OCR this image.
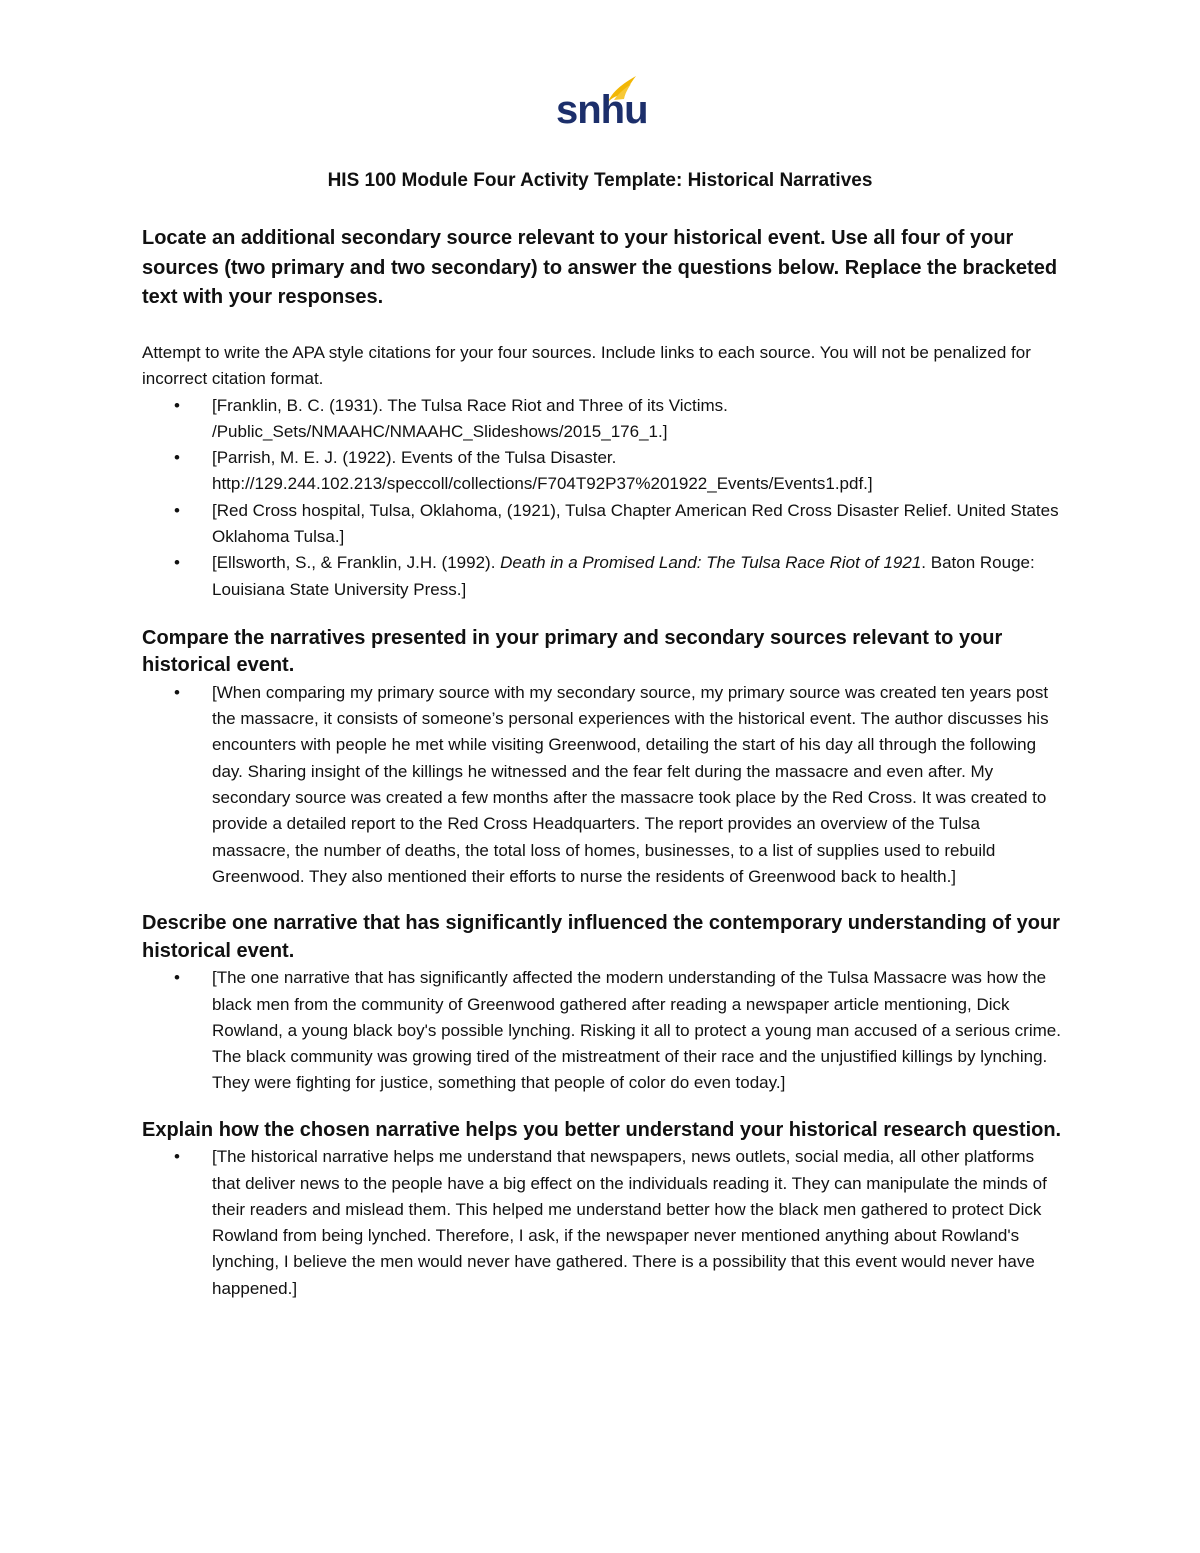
snhu
HIS 100 Module Four Activity Template: Historical Narratives

Locate an additional secondary source relevant to your historical event. Use all four of your sources (two primary and two secondary) to answer the questions below. Replace the bracketed text with your responses.

Attempt to write the APA style citations for your four sources. Include links to each source. You will not be penalized for incorrect citation format.

• [Franklin, B. C. (1931). The Tulsa Race Riot and Three of its Victims. /Public_Sets/NMAAHC/NMAAHC_Slideshows/2015_176_1.]
• [Parrish, M. E. J. (1922). Events of the Tulsa Disaster. http://129.244.102.213/speccoll/collections/F704T92P37%201922_Events/Events1.pdf.]
• [Red Cross hospital, Tulsa, Oklahoma, (1921), Tulsa Chapter American Red Cross Disaster Relief. United States Oklahoma Tulsa.]
• [Ellsworth, S., & Franklin, J.H. (1992). Death in a Promised Land: The Tulsa Race Riot of 1921. Baton Rouge: Louisiana State University Press.]

Compare the narratives presented in your primary and secondary sources relevant to your historical event.

• [When comparing my primary source with my secondary source, my primary source was created ten years post the massacre, it consists of someone’s personal experiences with the historical event. The author discusses his encounters with people he met while visiting Greenwood, detailing the start of his day all through the following day. Sharing insight of the killings he witnessed and the fear felt during the massacre and even after. My secondary source was created a few months after the massacre took place by the Red Cross. It was created to provide a detailed report to the Red Cross Headquarters. The report provides an overview of the Tulsa massacre, the number of deaths, the total loss of homes, businesses, to a list of supplies used to rebuild Greenwood. They also mentioned their efforts to nurse the residents of Greenwood back to health.]

Describe one narrative that has significantly influenced the contemporary understanding of your historical event.

• [The one narrative that has significantly affected the modern understanding of the Tulsa Massacre was how the black men from the community of Greenwood gathered after reading a newspaper article mentioning, Dick Rowland, a young black boy's possible lynching. Risking it all to protect a young man accused of a serious crime. The black community was growing tired of the mistreatment of their race and the unjustified killings by lynching. They were fighting for justice, something that people of color do even today.]

Explain how the chosen narrative helps you better understand your historical research question.

• [The historical narrative helps me understand that newspapers, news outlets, social media, all other platforms that deliver news to the people have a big effect on the individuals reading it. They can manipulate the minds of their readers and mislead them. This helped me understand better how the black men gathered to protect Dick Rowland from being lynched. Therefore, I ask, if the newspaper never mentioned anything about Rowland's lynching, I believe the men would never have gathered. There is a possibility that this event would never have happened.]
